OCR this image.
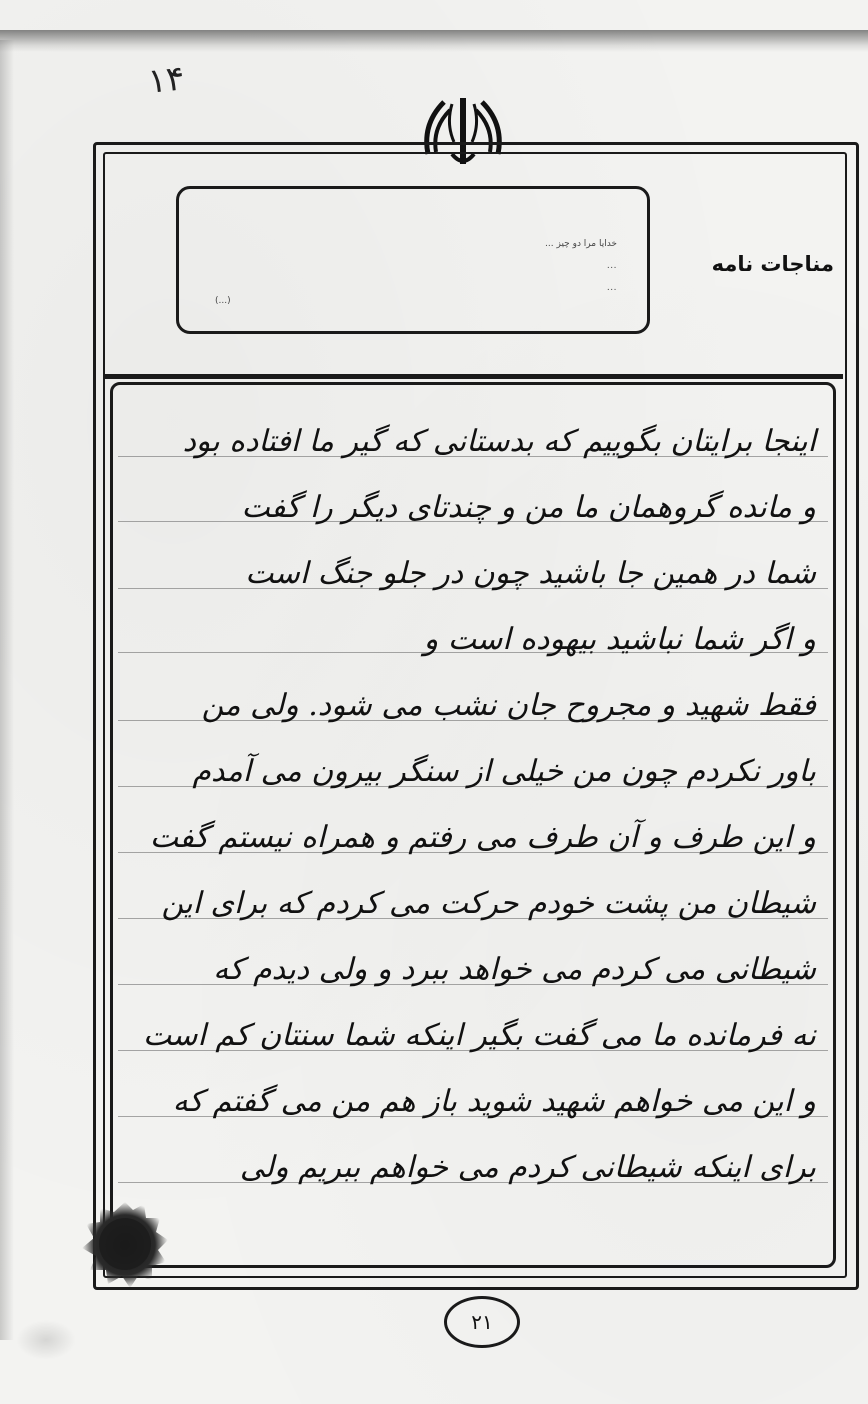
۱۴
خدایا مرا دو چیز ...
...
...
(...)
مناجات نامه
اینجا برایتان بگوییم که بدستانی که گیر ما افتاده بود
و مانده گروهمان ما من و چندتای دیگر را گفت
شما در همین جا باشید چون در جلو جنگ است
و اگر شما نباشید بیهوده است و
فقط شهید و مجروح جان نشب می شود. ولی من
باور نکردم چون من خیلی از سنگر بیرون می آمدم
و این طرف و آن طرف می رفتم و همراه نیستم گفت
شیطان من پشت خودم حرکت می کردم که برای این
شیطانی می کردم می خواهد ببرد و ولی دیدم که
نه فرمانده ما می گفت بگیر اینکه شما سنتان کم است
و این می خواهم شهید شوید باز هم من می گفتم که
برای اینکه شیطانی کردم می خواهم ببریم ولی
۲۱
